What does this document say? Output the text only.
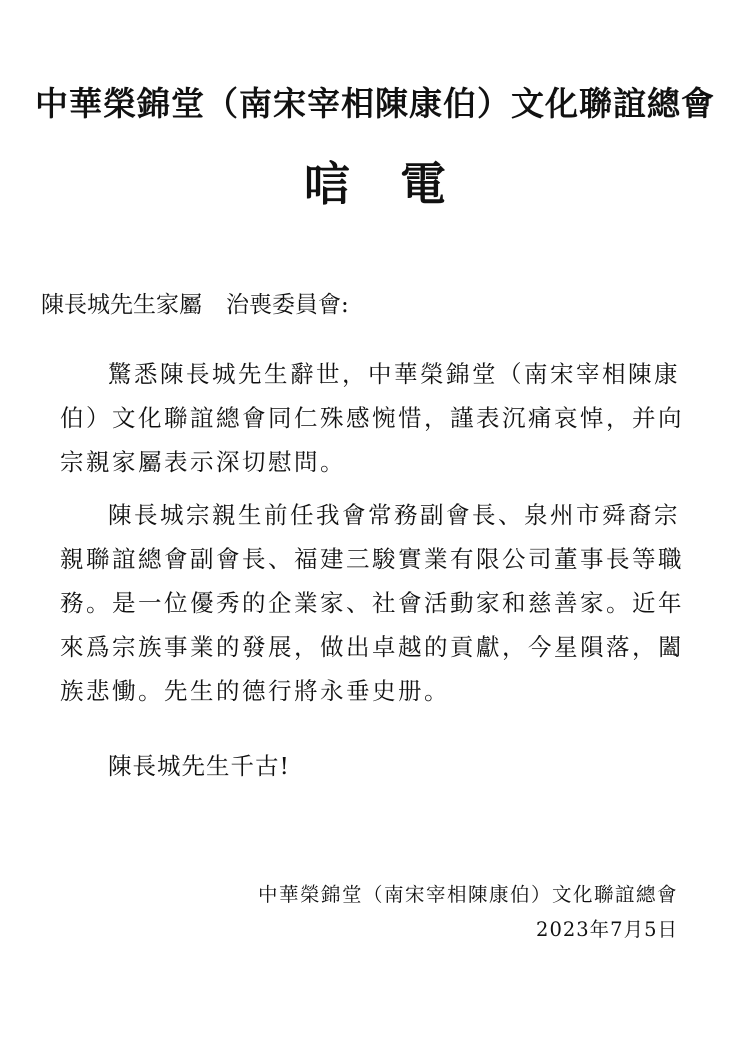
中華榮錦堂（南宋宰相陳康伯）文化聯誼總會
唁電
陳長城先生家屬 治喪委員會:

驚悉陳長城先生辭世，中華榮錦堂（南宋宰相陳康伯）文化聯誼總會同仁殊感惋惜，謹表沉痛哀悼，并向宗親家屬表示深切慰問。

陳長城宗親生前任我會常務副會長、泉州市舜裔宗親聯誼總會副會長、福建三駿實業有限公司董事長等職務。是一位優秀的企業家、社會活動家和慈善家。近年來爲宗族事業的發展，做出卓越的貢獻，今星隕落，闔族悲慟。先生的德行將永垂史册。

陳長城先生千古!
中華榮錦堂（南宋宰相陳康伯）文化聯誼總會
2023年7月5日
